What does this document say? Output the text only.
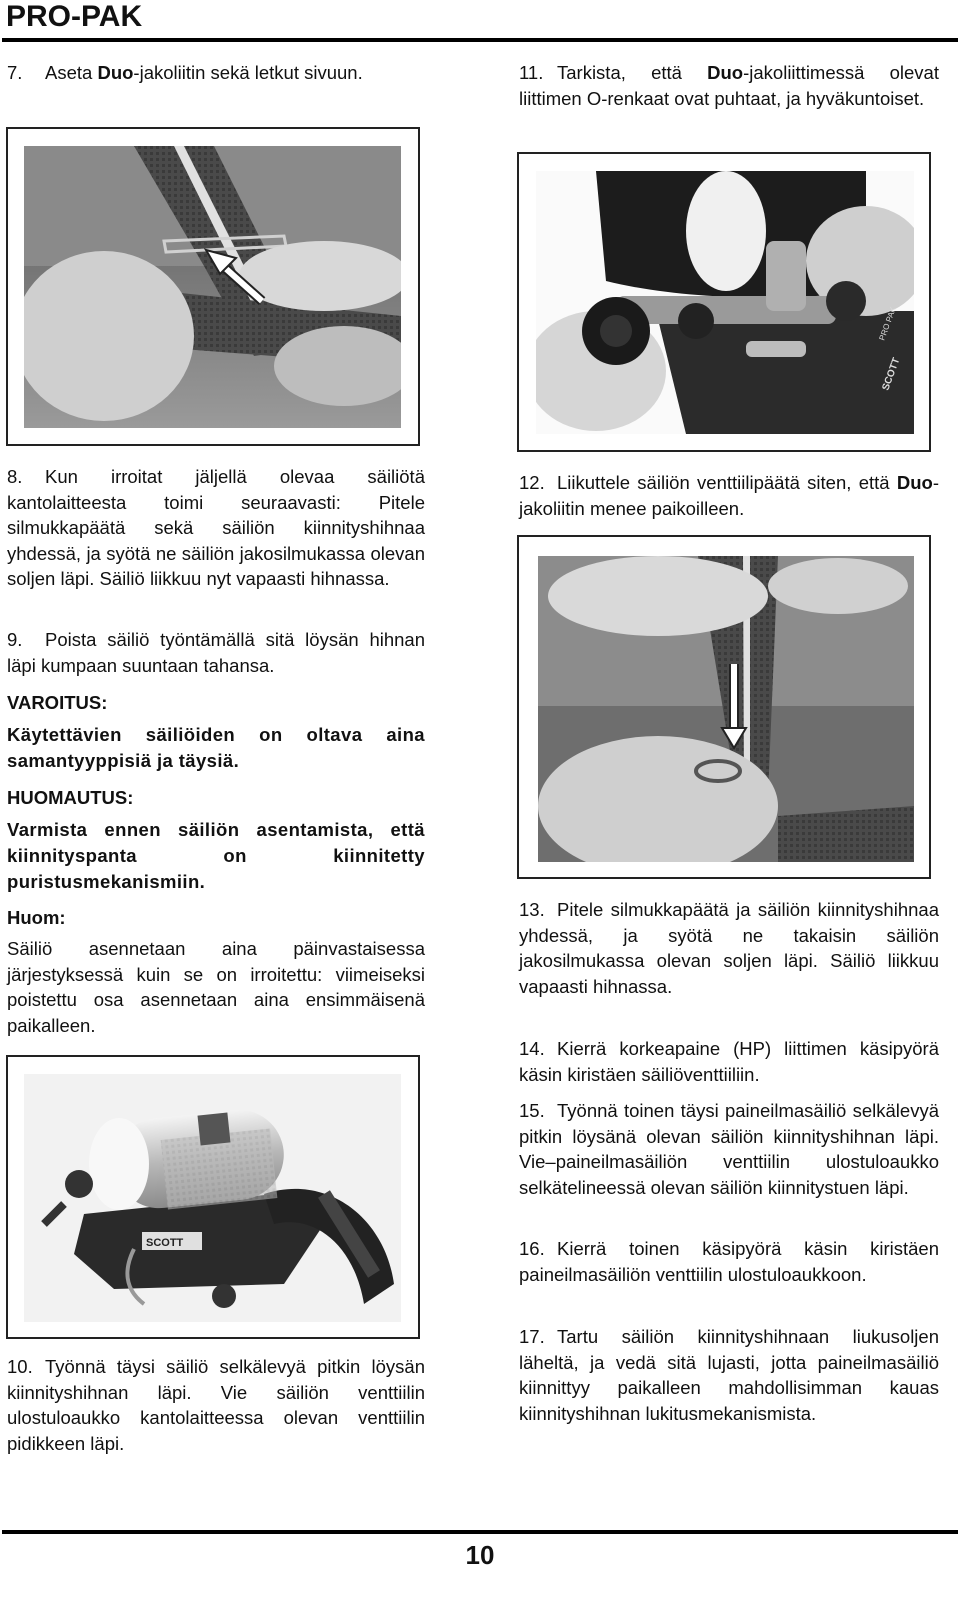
PRO-PAK

7. Aseta Duo-jakoliitin sekä letkut sivuun.

8. Kun irroitat jäljellä olevaa säiliötä kantolaitteesta toimi seuraavasti: Pitele silmukkapäätä sekä säiliön kiinnityshihnaa yhdessä, ja syötä ne säiliön jakosilmukassa olevan soljen läpi. Säiliö liikkuu nyt vapaasti hihnassa.

9. Poista säiliö työntämällä sitä löysän hihnan läpi kumpaan suuntaan tahansa.

VAROITUS:

Käytettävien säiliöiden on oltava aina samantyyppisiä ja täysiä.

HUOMAUTUS:

Varmista ennen säiliön asentamista, että kiinnityspanta on kiinnitetty puristusmekanismiin.

Huom:

Säiliö asennetaan aina päinvastaisessa järjestyksessä kuin se on irroitettu: viimeiseksi poistettu osa asennetaan aina ensimmäisenä paikalleen.

SCOTT

10. Työnnä täysi säiliö selkälevyä pitkin löysän kiinnityshihnan läpi. Vie säiliön venttiilin ulostuloaukko kantolaitteessa olevan venttiilin pidikkeen läpi.

11. Tarkista, että Duo-jakoliittimessä olevat liittimen O-renkaat ovat puhtaat, ja hyväkuntoiset.

SCOTT
PRO PAK

12. Liikuttele säiliön venttiilipäätä siten, että Duo-jakoliitin menee paikoilleen.

13. Pitele silmukkapäätä ja säiliön kiinnityshihnaa yhdessä, ja syötä ne takaisin säiliön jakosilmukassa olevan soljen läpi. Säiliö liikkuu vapaasti hihnassa.

14. Kierrä korkeapaine (HP) liittimen käsipyörä käsin kiristäen säiliöventtiiliin.

15. Työnnä toinen täysi paineilmasäiliö selkälevyä pitkin löysänä olevan säiliön kiinnityshihnan läpi. Vie–paineilmasäiliön venttiilin ulostuloaukko selkätelineessä olevan säiliön kiinnitystuen läpi.

16. Kierrä toinen käsipyörä käsin kiristäen paineilmasäiliön venttiilin ulostuloaukkoon.

17. Tartu säiliön kiinnityshihnaan liukusoljen läheltä, ja vedä sitä lujasti, jotta paineilmasäiliö kiinnittyy paikalleen mahdollisimman kauas kiinnityshihnan lukitusmekanismista.

10
